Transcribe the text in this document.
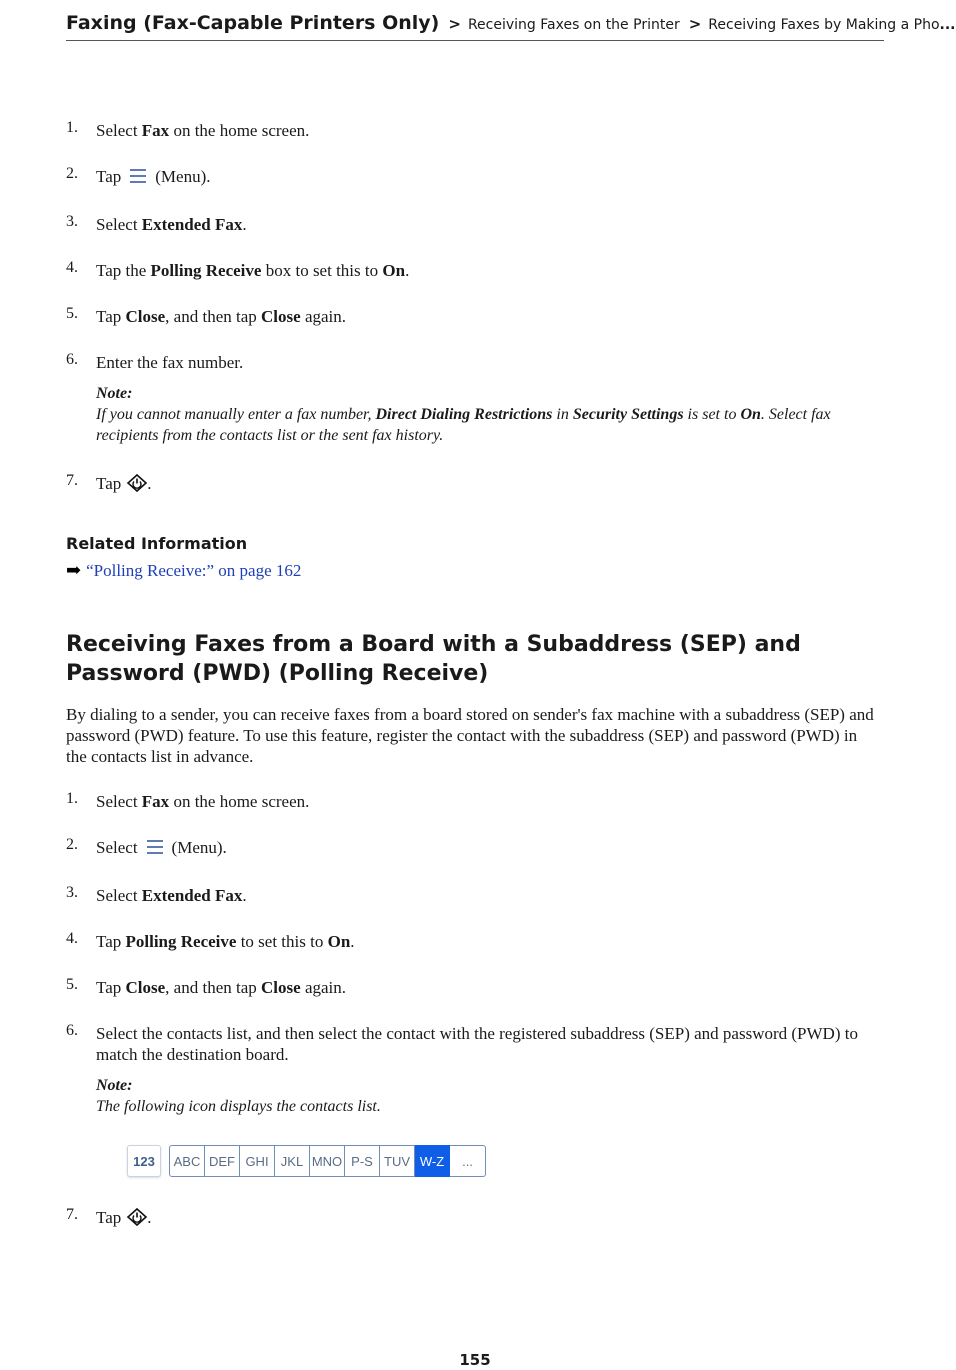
Faxing (Fax-Capable Printers Only) > Receiving Faxes on the Printer > Receiving Faxes by Making a Pho...
1. Select Fax on the home screen.
2. Tap (Menu).
3. Select Extended Fax.
4. Tap the Polling Receive box to set this to On.
5. Tap Close, and then tap Close again.
6. Enter the fax number.
Note:
If you cannot manually enter a fax number, Direct Dialing Restrictions in Security Settings is set to On. Select fax recipients from the contacts list or the sent fax history.
7. Tap .
Related Information
➡ “Polling Receive:” on page 162
Receiving Faxes from a Board with a Subaddress (SEP) and Password (PWD) (Polling Receive)

By dialing to a sender, you can receive faxes from a board stored on sender's fax machine with a subaddress (SEP) and password (PWD) feature. To use this feature, register the contact with the subaddress (SEP) and password (PWD) in the contacts list in advance.

1. Select Fax on the home screen.
2. Select (Menu).
3. Select Extended Fax.
4. Tap Polling Receive to set this to On.
5. Tap Close, and then tap Close again.
6. Select the contacts list, and then select the contact with the registered subaddress (SEP) and password (PWD) to match the destination board.
Note:
The following icon displays the contacts list.
123	ABC DEF GHI JKL MNO P-S TUV W-Z	...
7. Tap .
155
